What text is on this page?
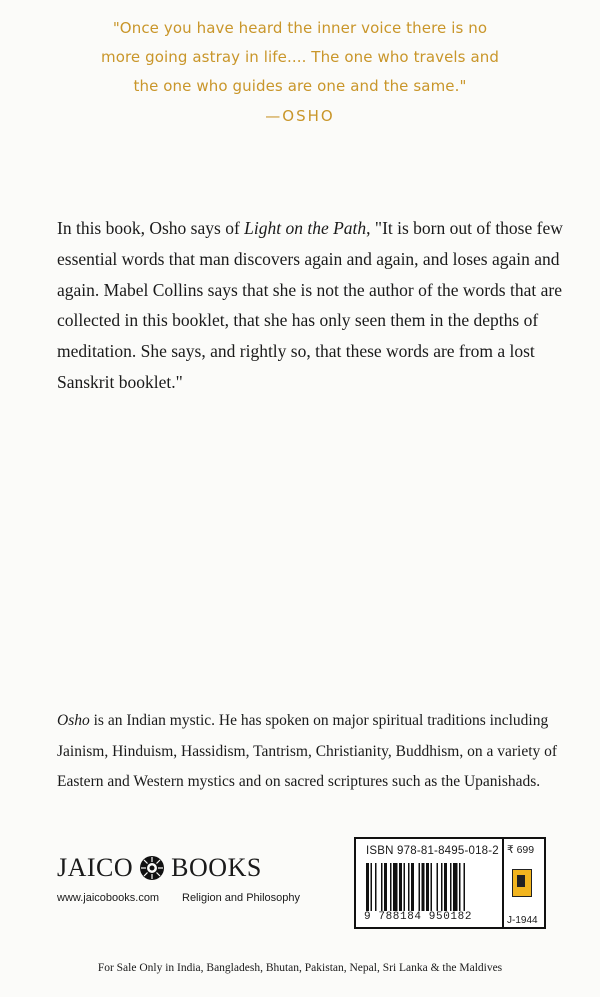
"Once you have heard the inner voice there is no
more going astray in life.... The one who travels and
the one who guides are one and the same."
—OSHO
In this book, Osho says of Light on the Path, "It is born out of those few
essential words that man discovers again and again, and loses again and
again. Mabel Collins says that she is not the author of the words that are
collected in this booklet, that she has only seen them in the depths of
meditation. She says, and rightly so, that these words are from a lost
Sanskrit booklet."
Osho is an Indian mystic. He has spoken on major spiritual traditions including
Jainism, Hinduism, Hassidism, Tantrism, Christianity, Buddhism, on a variety of
Eastern and Western mystics and on sacred scriptures such as the Upanishads.
JAICO BOOKS
www.jaicobooks.com Religion and Philosophy
ISBN 978-81-8495-018-2
9 788184 950182
₹ 699
J-1944
For Sale Only in India, Bangladesh, Bhutan, Pakistan, Nepal, Sri Lanka & the Maldives
